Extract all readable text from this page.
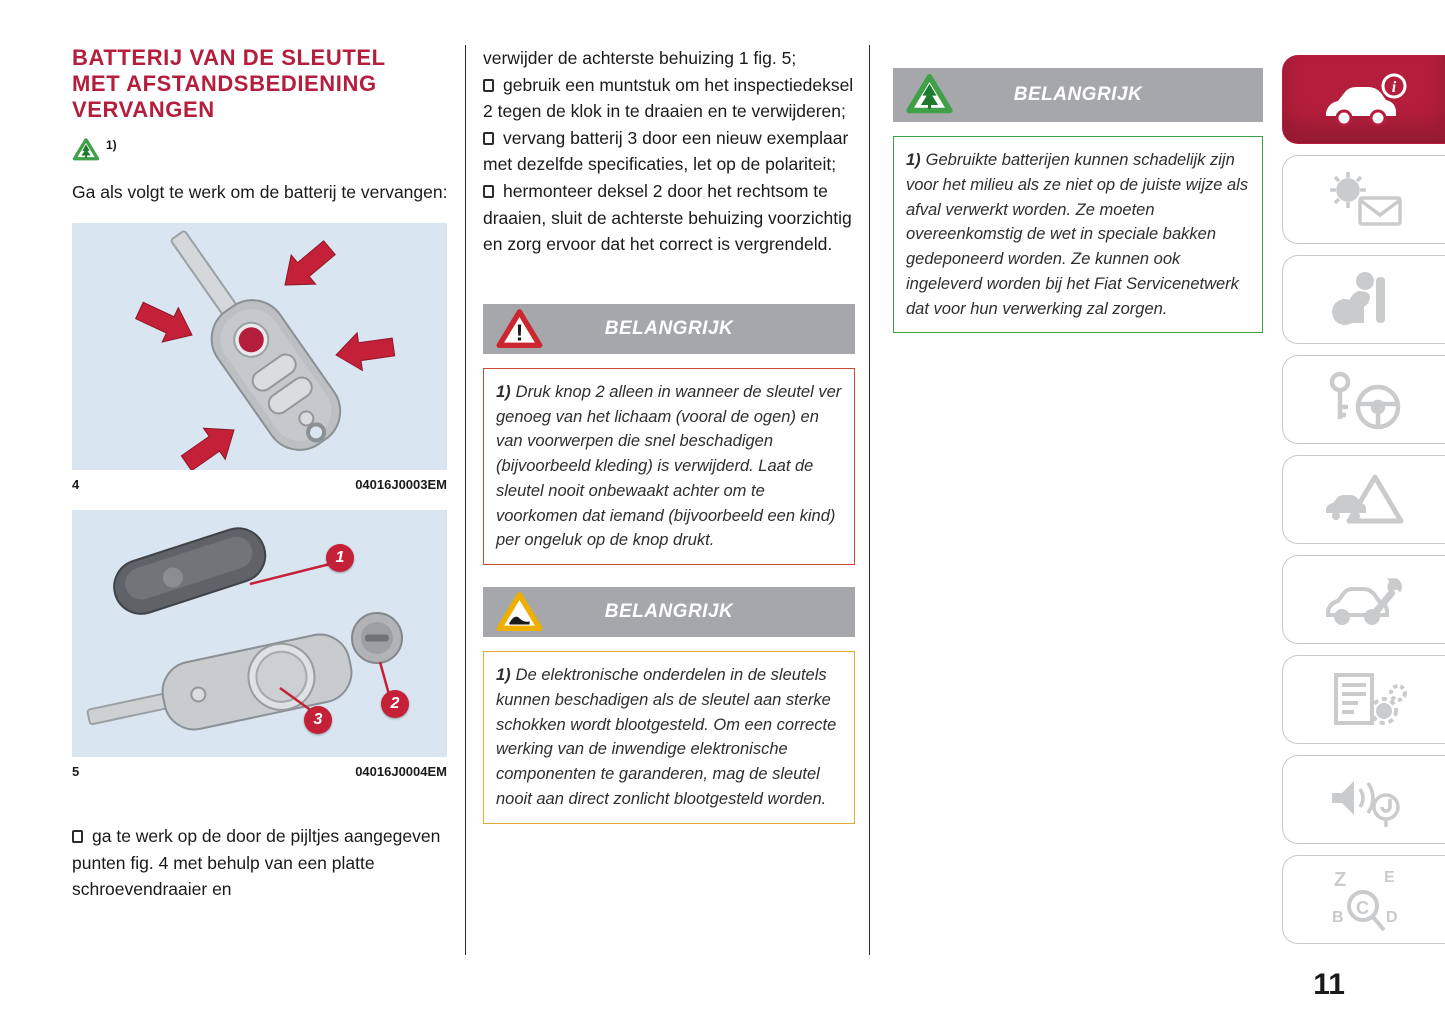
BATTERIJ VAN DE SLEUTEL MET AFSTANDSBEDIENING VERVANGEN
1)

Ga als volgt te werk om de batterij te vervangen:

4	04016J0003EM
1
2
3
5	04016J0004EM

ga te werk op de door de pijltjes aangegeven punten fig. 4 met behulp van een platte schroevendraaier en

verwijder de achterste behuizing 1 fig. 5;

gebruik een muntstuk om het inspectiedeksel 2 tegen de klok in te draaien en te verwijderen;

vervang batterij 3 door een nieuw exemplaar met dezelfde specificaties, let op de polariteit;

hermonteer deksel 2 door het rechtsom te draaien, sluit de achterste behuizing voorzichtig en zorg ervoor dat het correct is vergrendeld.

!	BELANGRIJK
1) Druk knop 2 alleen in wanneer de sleutel ver genoeg van het lichaam (vooral de ogen) en van voorwerpen die snel beschadigen (bijvoorbeeld kleding) is verwijderd. Laat de sleutel nooit onbewaakt achter om te voorkomen dat iemand (bijvoorbeeld een kind) per ongeluk op de knop drukt.
BELANGRIJK
1) De elektronische onderdelen in de sleutels kunnen beschadigen als de sleutel aan sterke schokken wordt blootgesteld. Om een correcte werking van de inwendige elektronische componenten te garanderen, mag de sleutel nooit aan direct zonlicht blootgesteld worden.
BELANGRIJK
1) Gebruikte batterijen kunnen schadelijk zijn voor het milieu als ze niet op de juiste wijze als afval verwerkt worden. Ze moeten overeenkomstig de wet in speciale bakken gedeponeerd worden. Ze kunnen ook ingeleverd worden bij het Fiat Servicenetwerk dat voor hun verwerking zal zorgen.
i
Z E
B	D
C
11
